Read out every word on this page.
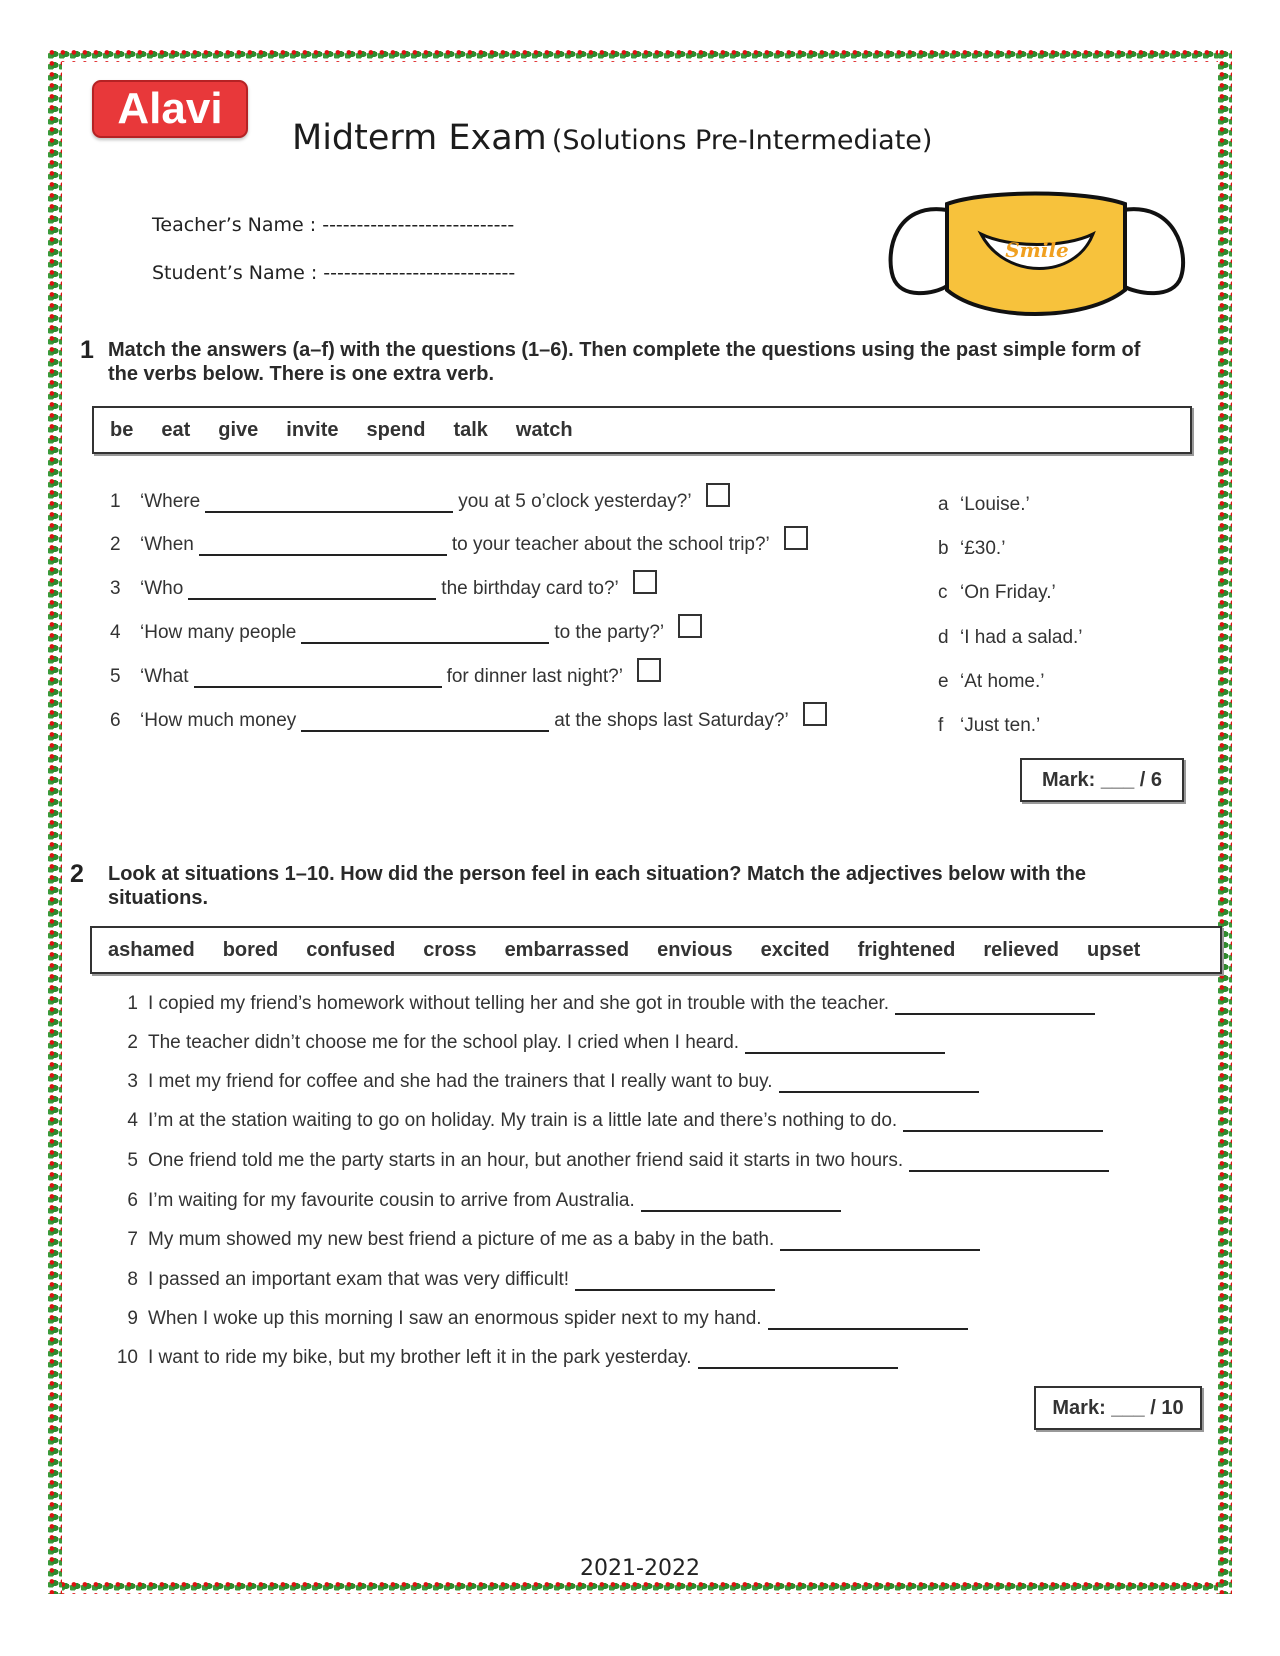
Alavi
Midterm Exam (Solutions Pre-Intermediate)
Teacher’s Name : ----------------------------
Student’s Name : ----------------------------
Smile
1 Match the answers (a–f) with the questions (1–6). Then complete the questions using the past simple form of the verbs below. There is one extra verb.
be eat give invite spend talk watch
1	‘Where	you at 5 o’clock yesterday?’
2	‘When	to your teacher about the school trip?’
3	‘Who	the birthday card to?’
4	‘How many people	to the party?’
5	‘What	for dinner last night?’
6	‘How much money	at the shops last Saturday?’
a ‘Louise.’
b ‘£30.’
c ‘On Friday.’
d ‘I had a salad.’
e ‘At home.’
f ‘Just ten.’
Mark: ___ / 6
2 Look at situations 1–10. How did the person feel in each situation? Match the adjectives below with the situations.
ashamed bored confused cross embarrassed envious excited frightened relieved upset
1 I copied my friend’s homework without telling her and she got in trouble with the teacher.
2 The teacher didn’t choose me for the school play. I cried when I heard.
3 I met my friend for coffee and she had the trainers that I really want to buy.
4 I’m at the station waiting to go on holiday. My train is a little late and there’s nothing to do.
5 One friend told me the party starts in an hour, but another friend said it starts in two hours.
6 I’m waiting for my favourite cousin to arrive from Australia.
7 My mum showed my new best friend a picture of me as a baby in the bath.
8 I passed an important exam that was very difficult!
9 When I woke up this morning I saw an enormous spider next to my hand.
10 I want to ride my bike, but my brother left it in the park yesterday.
Mark: ___ / 10
2021-2022
